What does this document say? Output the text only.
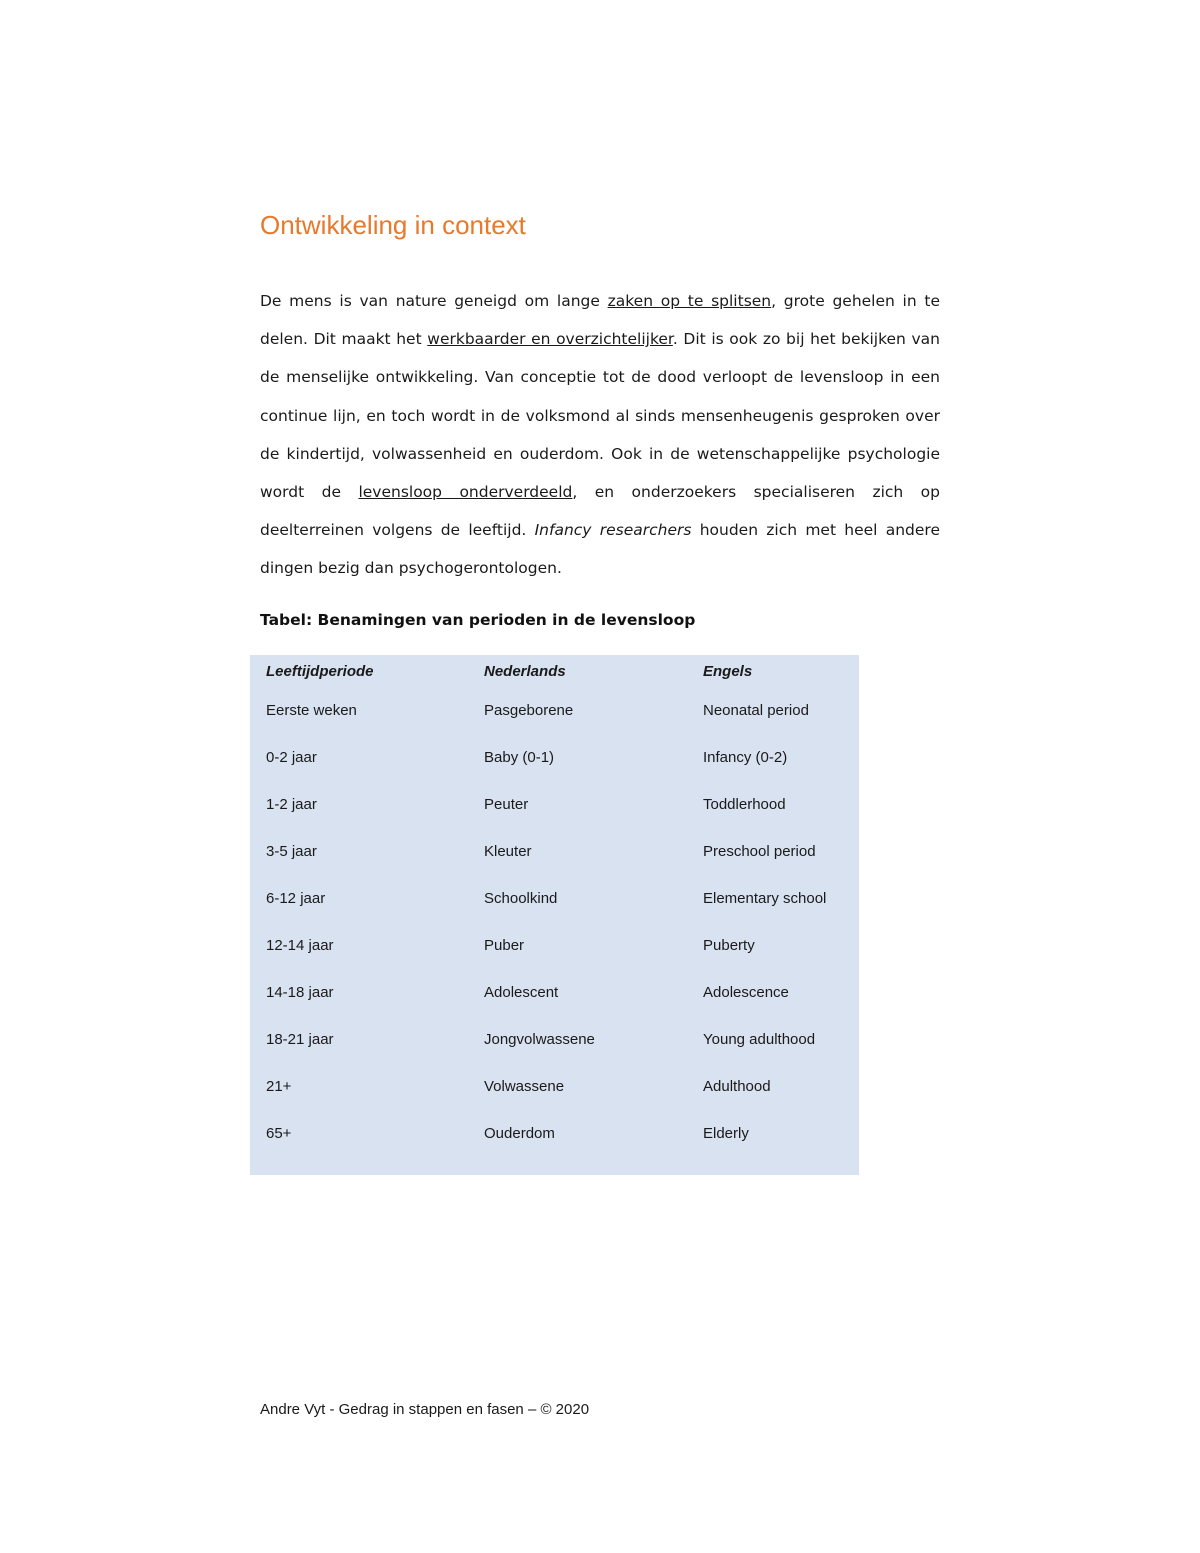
Ontwikkeling in context

De mens is van nature geneigd om lange zaken op te splitsen, grote gehelen in te delen. Dit maakt het werkbaarder en overzichtelijker. Dit is ook zo bij het bekijken van de menselijke ontwikkeling. Van conceptie tot de dood verloopt de levensloop in een continue lijn, en toch wordt in de volksmond al sinds mensenheugenis gesproken over de kindertijd, volwassenheid en ouderdom. Ook in de wetenschappelijke psychologie wordt de levensloop onderverdeeld, en onderzoekers specialiseren zich op deelterreinen volgens de leeftijd. Infancy researchers houden zich met heel andere dingen bezig dan psychogerontologen.

Tabel: Benamingen van perioden in de levensloop

Leeftijdperiode	Nederlands	Engels
Eerste weken	Pasgeborene	Neonatal period
0-2 jaar	Baby (0-1)	Infancy (0-2)
1-2 jaar	Peuter	Toddlerhood
3-5 jaar	Kleuter	Preschool period
6-12 jaar	Schoolkind	Elementary school
12-14 jaar	Puber	Puberty
14-18 jaar	Adolescent	Adolescence
18-21 jaar	Jongvolwassene	Young adulthood
21+	Volwassene	Adulthood
65+	Ouderdom	Elderly

Andre Vyt - Gedrag in stappen en fasen – © 2020
